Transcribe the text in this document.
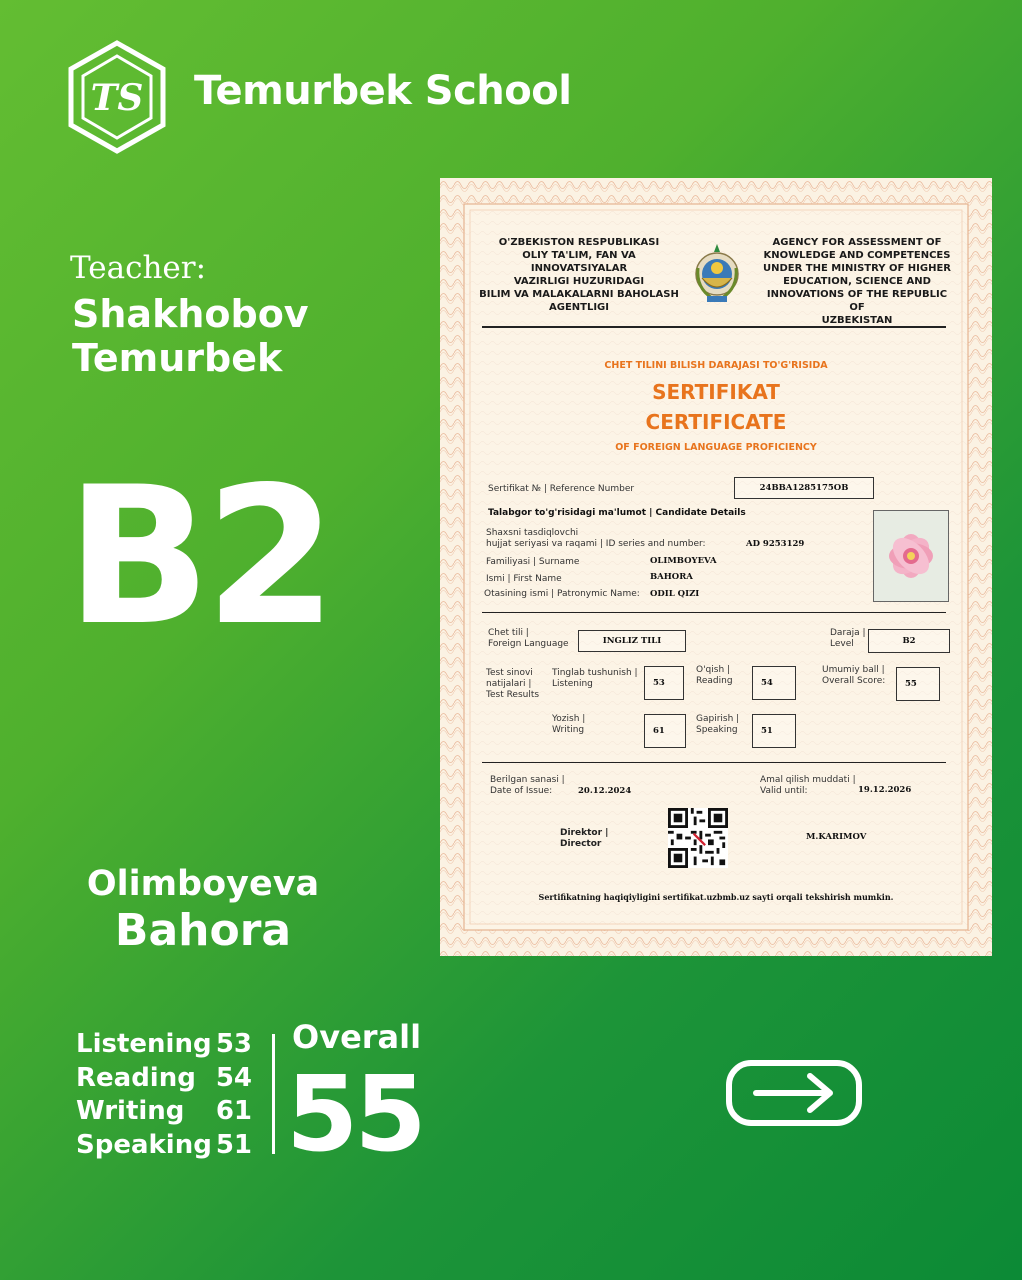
TS Temurbek School
Teacher:
Shakhobov
Temurbek
B2
Olimboyeva
Bahora
Listening 53
Reading 54
Writing 61
Speaking 51
Overall
55
O'ZBEKISTON RESPUBLIKASI
OLIY TA'LIM, FAN VA INNOVATSIYALAR
VAZIRLIGI HUZURIDAGI
BILIM VA MALAKALARNI BAHOLASH
AGENTLIGI
AGENCY FOR ASSESSMENT OF
KNOWLEDGE AND COMPETENCES
UNDER THE MINISTRY OF HIGHER
EDUCATION, SCIENCE AND
INNOVATIONS OF THE REPUBLIC OF
UZBEKISTAN
CHET TILINI BILISH DARAJASI TO'G'RISIDA
SERTIFIKAT
CERTIFICATE
OF FOREIGN LANGUAGE PROFICIENCY
Sertifikat № | Reference Number	24BBA1285175OB
Talabgor to'g'risidagi ma'lumot | Candidate Details
Shaxsni tasdiqlovchi
hujjat seriyasi va raqami | ID series and number:	AD 9253129
Familiyasi | Surname	OLIMBOYEVA
Ismi | First Name	BAHORA
Otasining ismi | Patronymic Name: ODIL QIZI
Chet tili |
Foreign Language	INGLIZ TILI
Daraja |
Level	B2
Test sinovi
natijalari |
Test Results
Tinglab tushunish |
Listening	53
O'qish |
Reading	54
Umumiy ball |
Overall Score: 55
Yozish |
Writing	61
Gapirish |
Speaking	51
Berilgan sanasi |
Date of Issue:	20.12.2024
Amal qilish muddati |
Valid until:	19.12.2026
Direktor |
Director
M.KARIMOV
Sertifikatning haqiqiyligini sertifikat.uzbmb.uz sayti orqali tekshirish mumkin.
